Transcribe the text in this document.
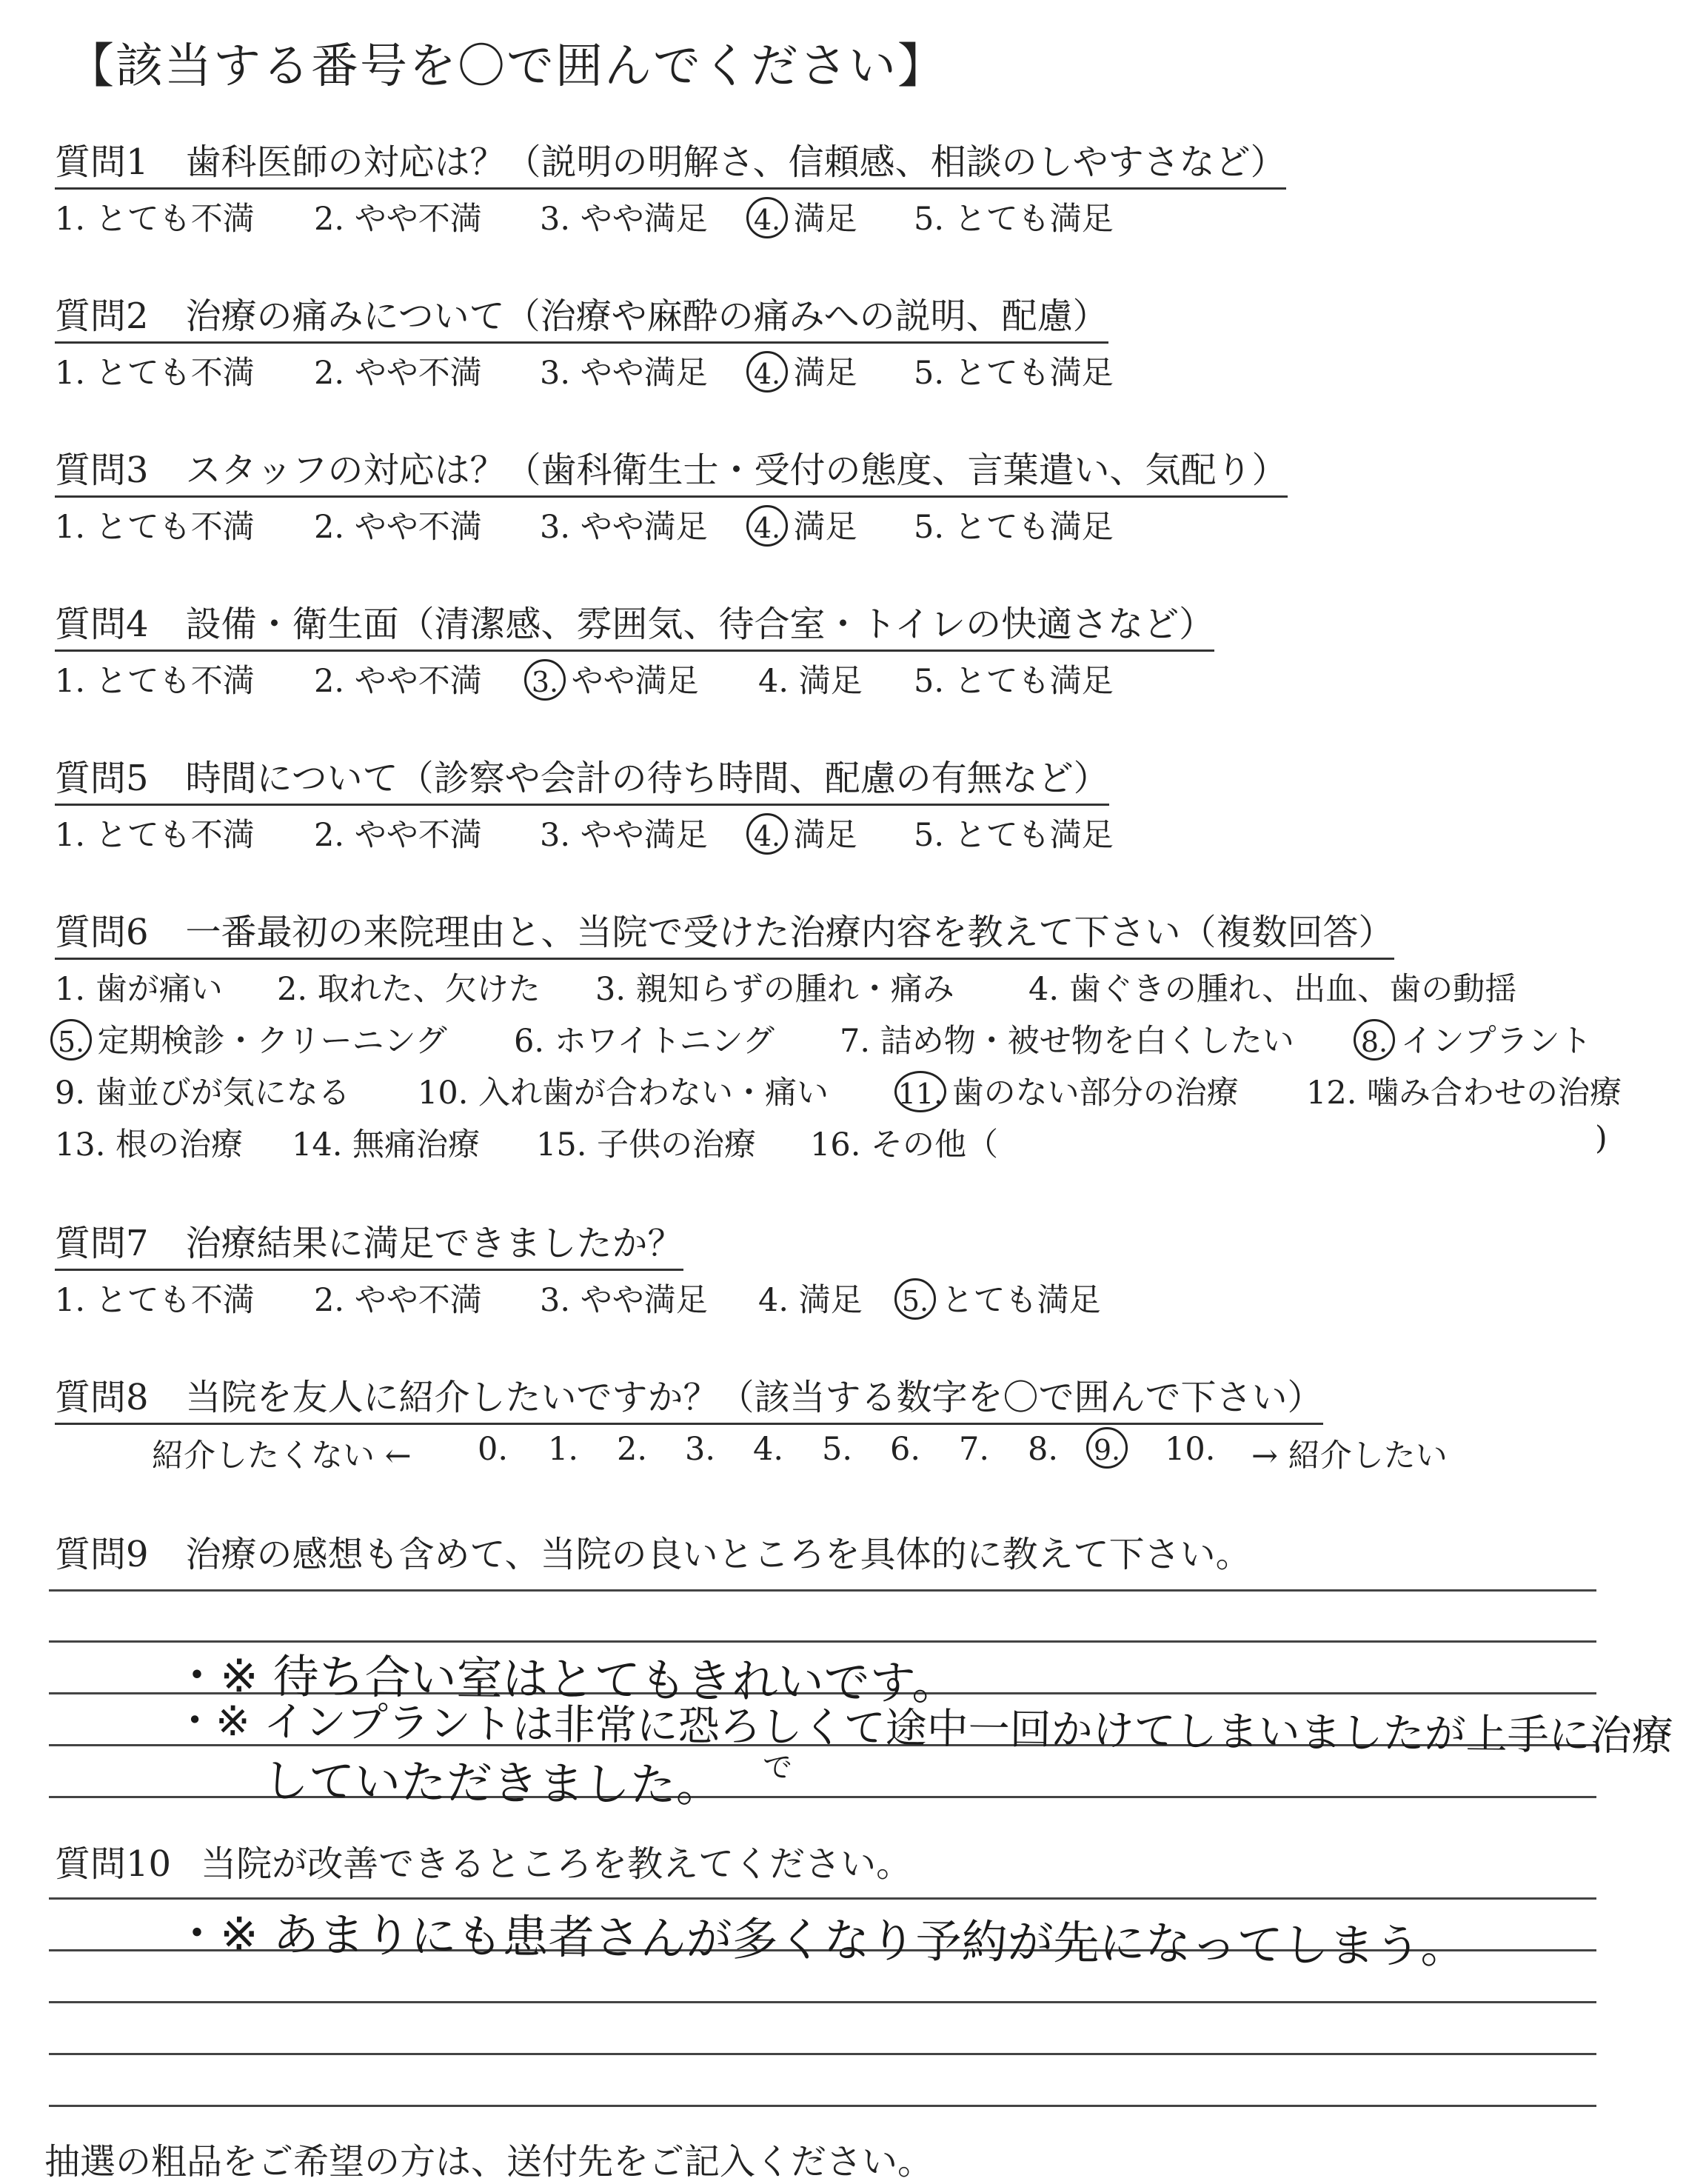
【該当する番号を〇で囲んでください】
質問1 歯科医師の対応は？（説明の明解さ、信頼感、相談のしやすさなど）
1. とても不満 2. やや不満 3. やや満足 4. 満足 5. とても満足
質問2 治療の痛みについて（治療や麻酔の痛みへの説明、配慮）
1. とても不満 2. やや不満 3. やや満足 4. 満足 5. とても満足
質問3 スタッフの対応は？（歯科衛生士・受付の態度、言葉遣い、気配り）
1. とても不満 2. やや不満 3. やや満足 4. 満足 5. とても満足
質問4 設備・衛生面（清潔感、雰囲気、待合室・トイレの快適さなど）
1. とても不満 2. やや不満 3. やや満足 4. 満足 5. とても満足
質問5 時間について（診察や会計の待ち時間、配慮の有無など）
1. とても不満 2. やや不満 3. やや満足 4. 満足 5. とても満足
質問6 一番最初の来院理由と、当院で受けた治療内容を教えて下さい（複数回答）
1. 歯が痛い 2. 取れた、欠けた 3. 親知らずの腫れ・痛み 4. 歯ぐきの腫れ、出血、歯の動揺
5. 定期検診・クリーニング 6. ホワイトニング 7. 詰め物・被せ物を白くしたい 8. インプラント
9. 歯並びが気になる 10. 入れ歯が合わない・痛い 11. 歯のない部分の治療 12. 噛み合わせの治療
13. 根の治療 14. 無痛治療 15. 子供の治療 16. その他（	)
質問7 治療結果に満足できましたか？
1. とても不満 2. やや不満 3. やや満足 4. 満足 5. とても満足
質問8 当院を友人に紹介したいですか？（該当する数字を〇で囲んで下さい）
紹介したくない ← 0. 1. 2. 3. 4. 5. 6. 7. 8. 9. 10. → 紹介したい
質問9 治療の感想も含めて、当院の良いところを具体的に教えて下さい。
・※ 待ち合い室はとてもきれいです。
・※ インプラントは非常に恐ろしくて途中一回かけてしまいましたが上手に治療
していただきました。 で
質問10 当院が改善できるところを教えてください。
・※ あまりにも患者さんが多くなり予約が先になってしまう。
抽選の粗品をご希望の方は、送付先をご記入ください。
